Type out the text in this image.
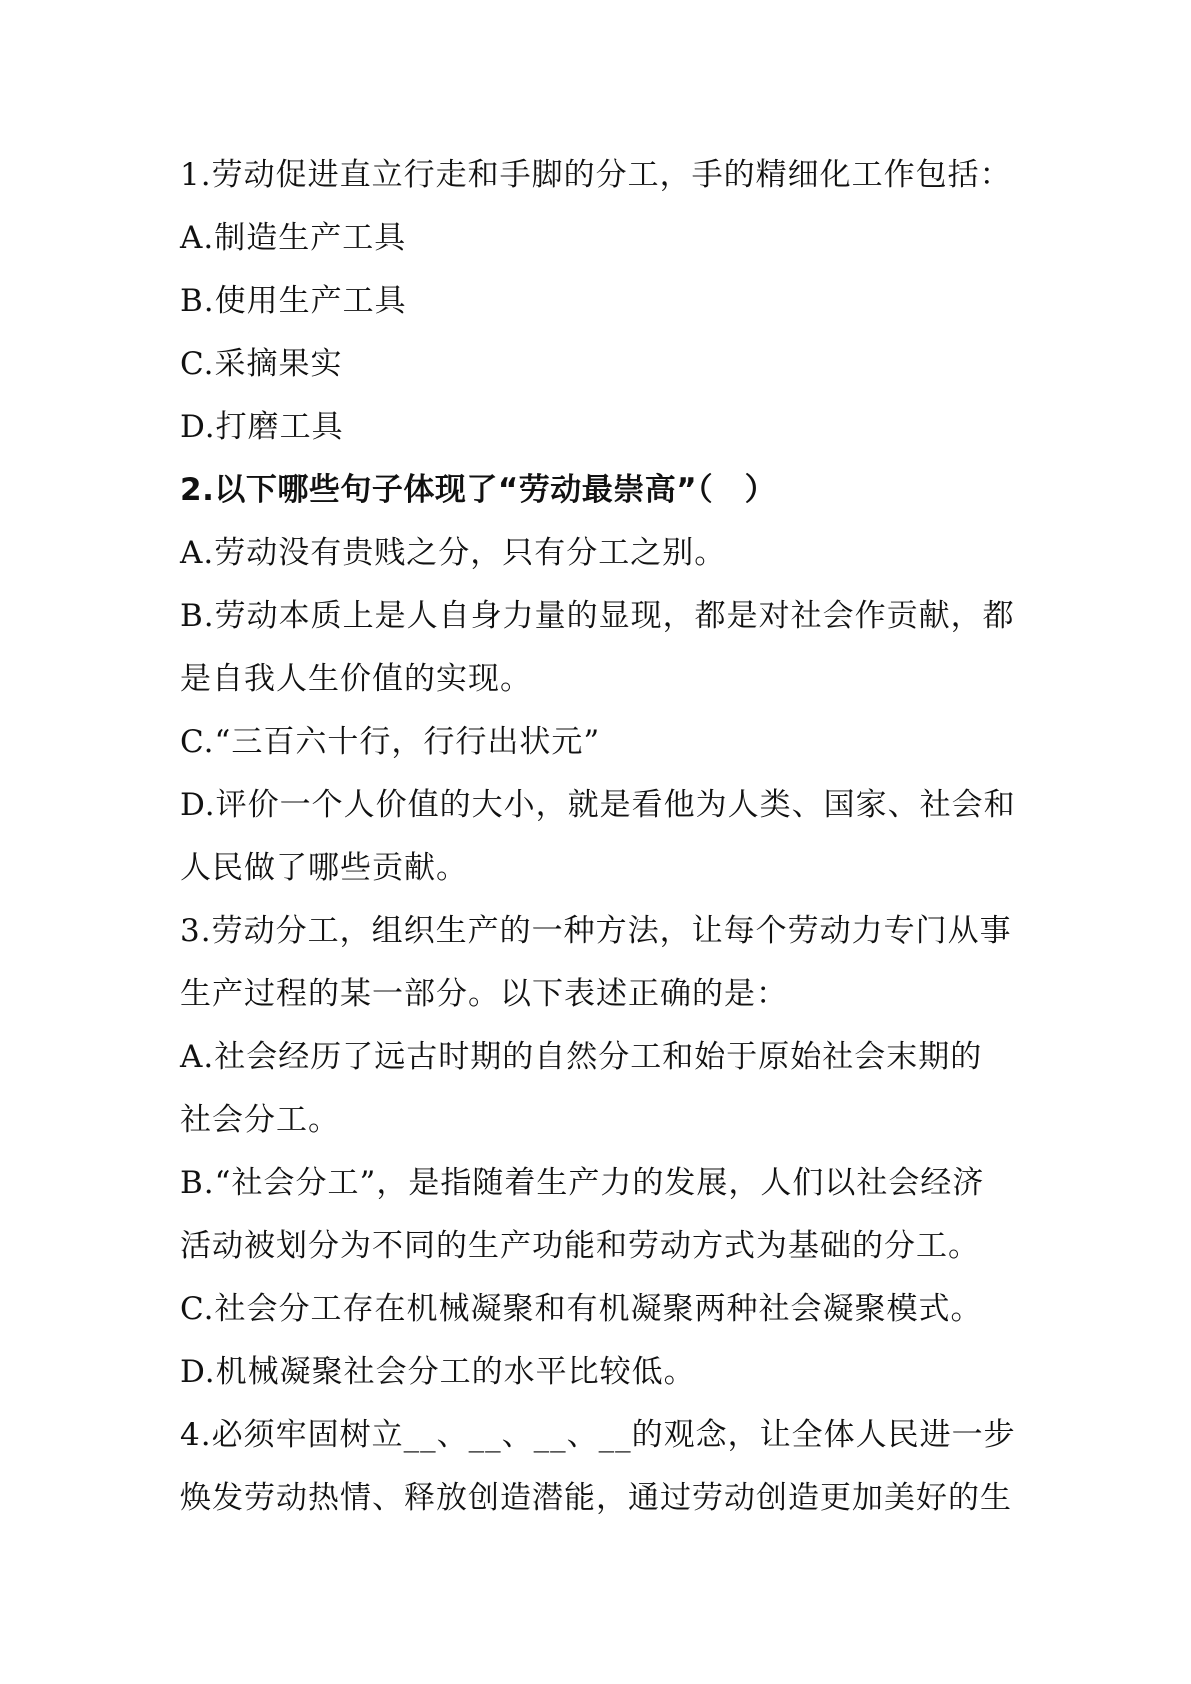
1.劳动促进直立行走和手脚的分工，手的精细化工作包括：
A.制造生产工具
B.使用生产工具
C.采摘果实
D.打磨工具
2.以下哪些句子体现了“劳动最崇高”（　）
A.劳动没有贵贱之分，只有分工之别。
B.劳动本质上是人自身力量的显现，都是对社会作贡献，都
是自我人生价值的实现。
C.“三百六十行，行行出状元”
D.评价一个人价值的大小，就是看他为人类、国家、社会和
人民做了哪些贡献。
3.劳动分工，组织生产的一种方法，让每个劳动力专门从事
生产过程的某一部分。以下表述正确的是：
A.社会经历了远古时期的自然分工和始于原始社会末期的
社会分工。
B.“社会分工”，是指随着生产力的发展，人们以社会经济
活动被划分为不同的生产功能和劳动方式为基础的分工。
C.社会分工存在机械凝聚和有机凝聚两种社会凝聚模式。
D.机械凝聚社会分工的水平比较低。
4.必须牢固树立__、__、__、__的观念，让全体人民进一步
焕发劳动热情、释放创造潜能，通过劳动创造更加美好的生
